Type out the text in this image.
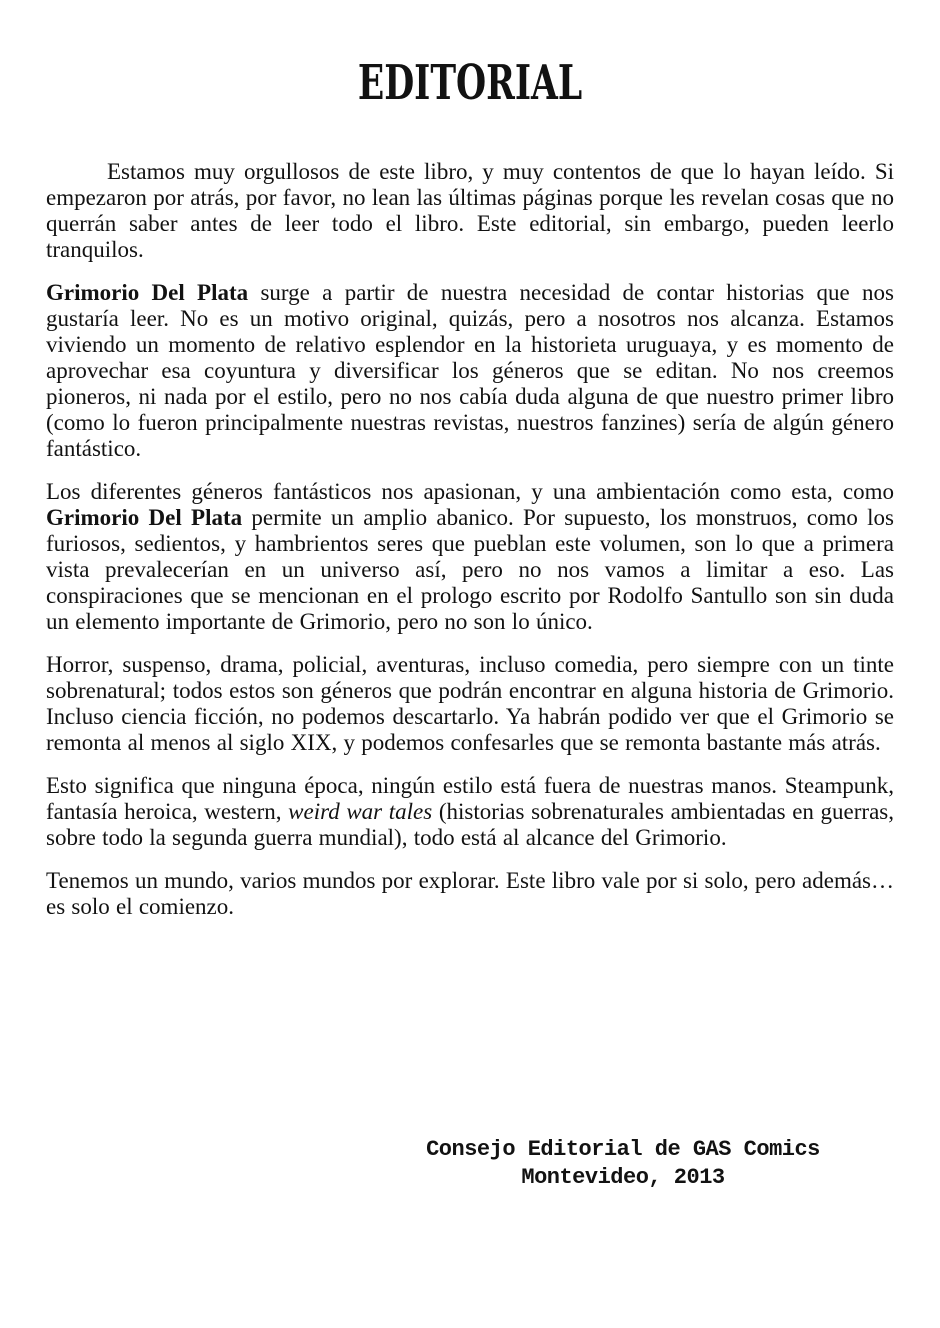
EDITORIAL

Estamos muy orgullosos de este libro, y muy contentos de que lo hayan leído. Si empezaron por atrás, por favor, no lean las últimas páginas porque les revelan cosas que no querrán saber antes de leer todo el libro. Este editorial, sin embargo, pueden leerlo tranquilos.

Grimorio Del Plata surge a partir de nuestra necesidad de contar historias que nos gustaría leer. No es un motivo original, quizás, pero a nosotros nos alcanza. Estamos viviendo un momento de relativo esplendor en la historieta uruguaya, y es momento de aprovechar esa coyuntura y diversificar los géneros que se editan. No nos creemos pioneros, ni nada por el estilo, pero no nos cabía duda alguna de que nuestro primer libro (como lo fueron principalmente nuestras revistas, nuestros fanzines) sería de algún género fantástico.

Los diferentes géneros fantásticos nos apasionan, y una ambientación como esta, como Grimorio Del Plata permite un amplio abanico. Por supuesto, los monstruos, como los furiosos, sedientos, y hambrientos seres que pueblan este volumen, son lo que a primera vista prevalecerían en un universo así, pero no nos vamos a limitar a eso. Las conspiraciones que se mencionan en el prologo escrito por Rodolfo Santullo son sin duda un elemento importante de Grimorio, pero no son lo único.

Horror, suspenso, drama, policial, aventuras, incluso comedia, pero siempre con un tinte sobrenatural; todos estos son géneros que podrán encontrar en alguna historia de Grimorio. Incluso ciencia ficción, no podemos descartarlo. Ya habrán podido ver que el Grimorio se remonta al menos al siglo XIX, y podemos confesarles que se remonta bastante más atrás.

Esto significa que ninguna época, ningún estilo está fuera de nuestras manos. Steampunk, fantasía heroica, western, weird war tales (historias sobrenaturales ambientadas en guerras, sobre todo la segunda guerra mundial), todo está al alcance del Grimorio.

Tenemos un mundo, varios mundos por explorar. Este libro vale por si solo, pero además… es solo el comienzo.

Consejo Editorial de GAS Comics
Montevideo, 2013
